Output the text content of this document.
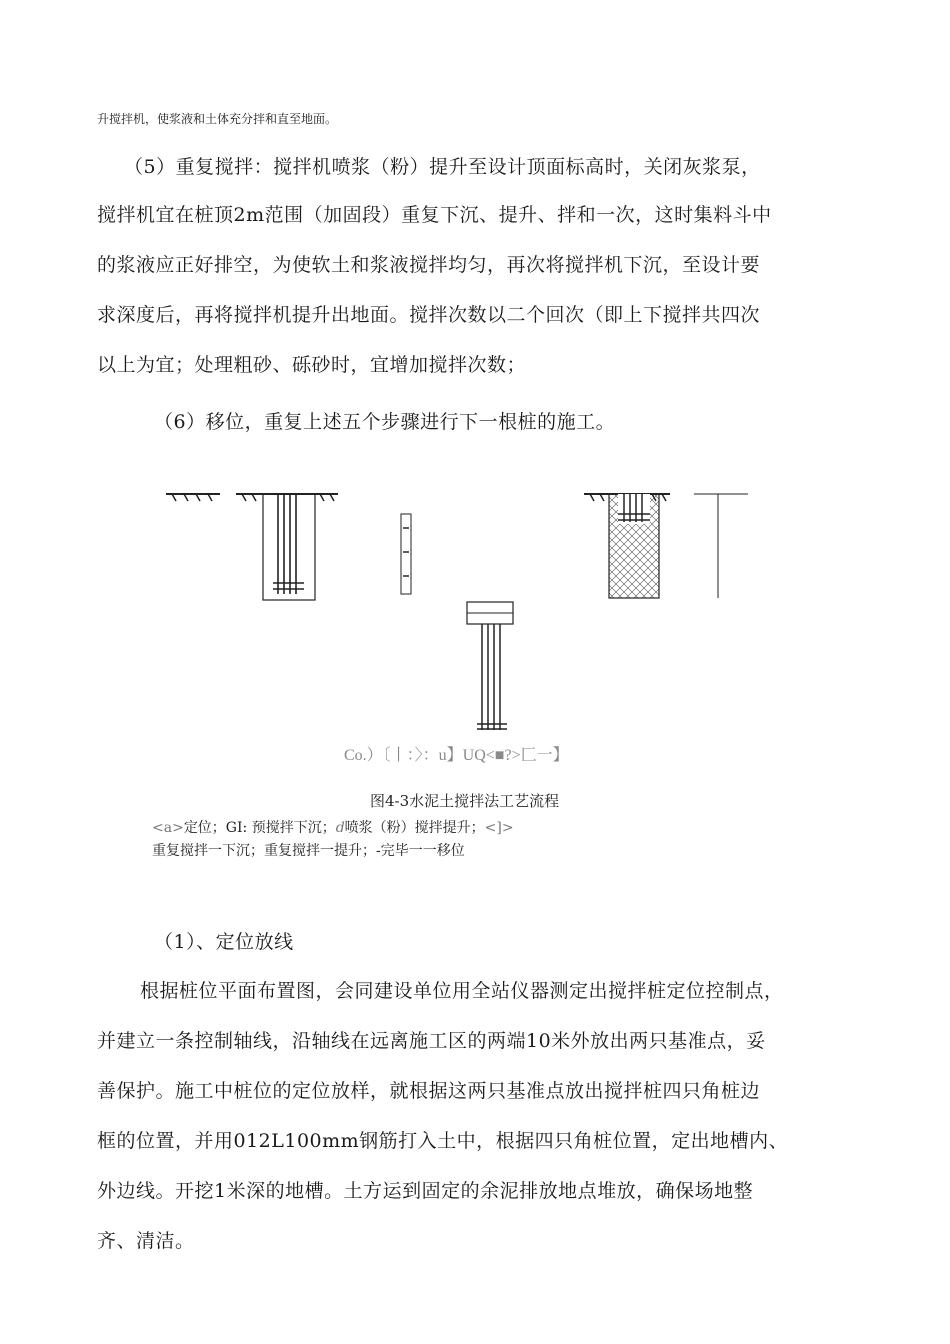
升搅拌机，使浆液和土体充分拌和直至地面。
（5）重复搅拌：搅拌机喷浆（粉）提升至设计顶面标高时，关闭灰浆泵，
搅拌机宜在桩顶2m范围（加固段）重复下沉、提升、拌和一次，这时集料斗中
的浆液应正好排空，为使软土和浆液搅拌均匀，再次将搅拌机下沉，至设计要
求深度后，再将搅拌机提升出地面。搅拌次数以二个回次（即上下搅拌共四次
以上为宜；处理粗砂、砾砂时，宜增加搅拌次数；
（6）移位，重复上述五个步骤进行下一根桩的施工。
Co.）〔丨：〉：u】UQ<■?>匚一】
图4-3水泥土搅拌法工艺流程
<a>定位；GI: 预搅拌下沉；d喷浆（粉）搅拌提升；<]>
重复搅拌一下沉；重复搅拌一提升；-完毕一一移位
（1）、定位放线
根据桩位平面布置图，会同建设单位用全站仪器测定出搅拌桩定位控制点，
并建立一条控制轴线，沿轴线在远离施工区的两端10米外放出两只基准点，妥
善保护。施工中桩位的定位放样，就根据这两只基准点放出搅拌桩四只角桩边
框的位置，并用012L100mm钢筋打入土中，根据四只角桩位置，定出地槽内、
外边线。开挖1米深的地槽。土方运到固定的余泥排放地点堆放，确保场地整
齐、清洁。
